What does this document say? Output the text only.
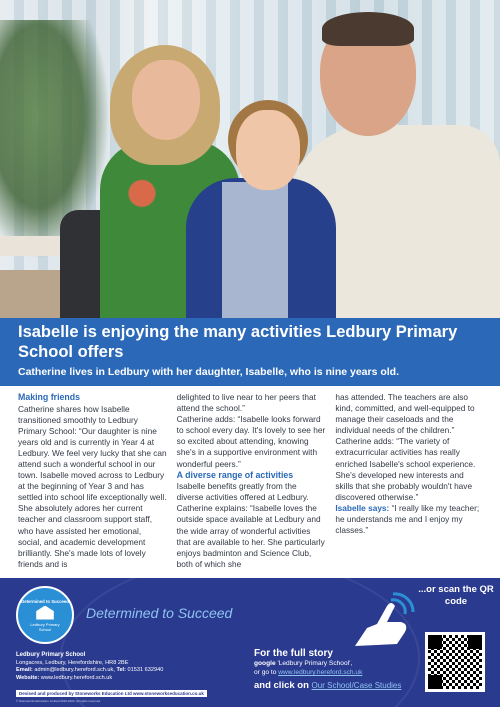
Isabelle is enjoying the many activities Ledbury Primary School offers
Catherine lives in Ledbury with her daughter, Isabelle, who is nine years old.
Making friends

Catherine shares how Isabelle transitioned smoothly to Ledbury Primary School: “Our daughter is nine years old and is currently in Year 4 at Ledbury. We feel very lucky that she can attend such a wonderful school in our town. Isabelle moved across to Ledbury at the beginning of Year 3 and has settled into school life exceptionally well. She absolutely adores her current teacher and classroom support staff, who have assisted her emotional, social, and academic development brilliantly. She's made lots of lovely friends and is

delighted to live near to her peers that attend the school.”

Catherine adds: “Isabelle looks forward to school every day. It's lovely to see her so excited about attending, knowing she's in a supportive environment with wonderful peers.”

A diverse range of activities

Isabelle benefits greatly from the diverse activities offered at Ledbury. Catherine explains: “Isabelle loves the outside space available at Ledbury and the wide array of wonderful activities that are available to her. She particularly enjoys badminton and Science Club, both of which she

has attended. The teachers are also kind, committed, and well-equipped to manage their caseloads and the individual needs of the children.”

Catherine adds: “The variety of extracurricular activities has really enriched Isabelle's school experience. She's developed new interests and skills that she probably wouldn't have discovered otherwise.”

Isabelle says: “I really like my teacher; he understands me and I enjoy my classes.”

Determined to Succeed
Ledbury Primary
School
Determined to Succeed
Ledbury Primary School
Longacres, Ledbury, Herefordshire, HR8 2BE
Email: admin@ledbury.hereford.sch.uk, Tel: 01531 632940
Website: www.ledbury.hereford.sch.uk
Devised and produced by Stoneworks Education Ltd www.stoneworkseducation.co.uk
© Stoneworks Education Limited 2016-2024. All rights reserved.
...or scan the QR code
For the full story
google 'Ledbury Primary School',
or go to www.ledbury.hereford.sch.uk
and click on Our School/Case Studies
